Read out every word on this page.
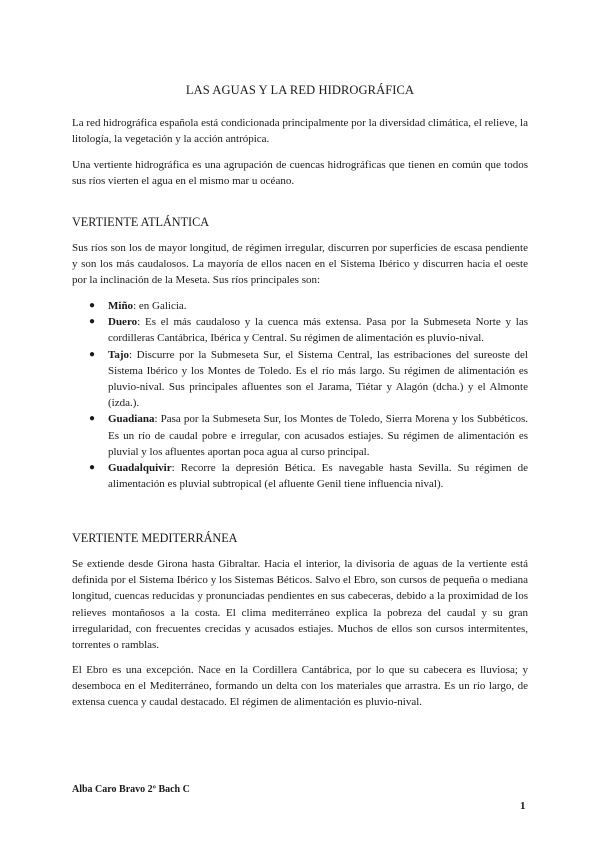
LAS AGUAS Y LA RED HIDROGRÁFICA

La red hidrográfica española está condicionada principalmente por la diversidad climática, el relieve, la litología, la vegetación y la acción antrópica.

Una vertiente hidrográfica es una agrupación de cuencas hidrográficas que tienen en común que todos sus ríos vierten el agua en el mismo mar u océano.

VERTIENTE ATLÁNTICA

Sus ríos son los de mayor longitud, de régimen irregular, discurren por superficies de escasa pendiente y son los más caudalosos. La mayoría de ellos nacen en el Sistema Ibérico y discurren hacia el oeste por la inclinación de la Meseta. Sus ríos principales son:

● Miño: en Galicia.
● Duero: Es el más caudaloso y la cuenca más extensa. Pasa por la Submeseta Norte y las cordilleras Cantábrica, Ibérica y Central. Su régimen de alimentación es pluvio-nival.
● Tajo: Discurre por la Submeseta Sur, el Sistema Central, las estribaciones del sureoste del Sistema Ibérico y los Montes de Toledo. Es el río más largo. Su régimen de alimentación es pluvio-nival. Sus principales afluentes son el Jarama, Tiétar y Alagón (dcha.) y el Almonte (izda.).
● Guadiana: Pasa por la Submeseta Sur, los Montes de Toledo, Sierra Morena y los Subbéticos. Es un río de caudal pobre e irregular, con acusados estiajes. Su régimen de alimentación es pluvial y los afluentes aportan poca agua al curso principal.
● Guadalquivir: Recorre la depresión Bética. Es navegable hasta Sevilla. Su régimen de alimentación es pluvial subtropical (el afluente Genil tiene influencia nival).
VERTIENTE MEDITERRÁNEA

Se extiende desde Girona hasta Gibraltar. Hacia el interior, la divisoria de aguas de la vertiente está definida por el Sistema Ibérico y los Sistemas Béticos. Salvo el Ebro, son cursos de pequeña o mediana longitud, cuencas reducidas y pronunciadas pendientes en sus cabeceras, debido a la proximidad de los relieves montañosos a la costa. El clima mediterráneo explica la pobreza del caudal y su gran irregularidad, con frecuentes crecidas y acusados estiajes. Muchos de ellos son cursos intermitentes, torrentes o ramblas.

El Ebro es una excepción. Nace en la Cordillera Cantábrica, por lo que su cabecera es lluviosa; y desemboca en el Mediterráneo, formando un delta con los materiales que arrastra. Es un río largo, de extensa cuenca y caudal destacado. El régimen de alimentación es pluvio-nival.

Alba Caro Bravo 2º Bach C
1
